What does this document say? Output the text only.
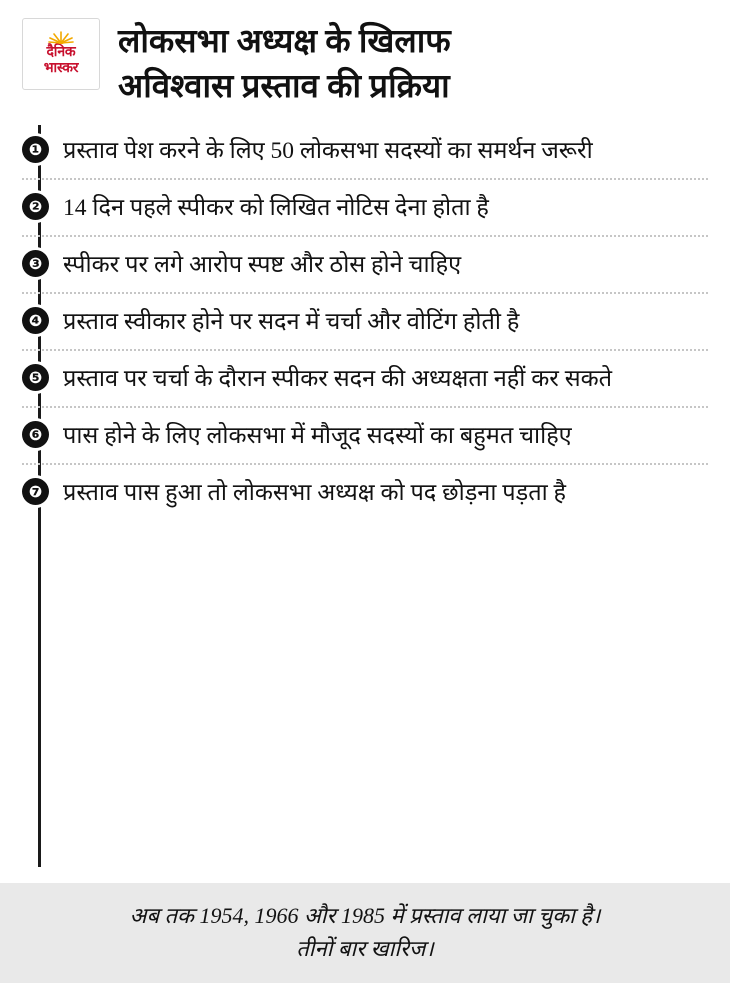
दैनिक
भास्कर
लोकसभा अध्यक्ष के खिलाफ
अविश्वास प्रस्ताव की प्रक्रिया
❶ प्रस्ताव पेश करने के लिए 50 लोकसभा सदस्यों का समर्थन जरूरी
❷ 14 दिन पहले स्पीकर को लिखित नोटिस देना होता है
❸ स्पीकर पर लगे आरोप स्पष्ट और ठोस होने चाहिए
❹ प्रस्ताव स्वीकार होने पर सदन में चर्चा और वोटिंग होती है
❺ प्रस्ताव पर चर्चा के दौरान स्पीकर सदन की अध्यक्षता नहीं कर सकते
❻ पास होने के लिए लोकसभा में मौजूद सदस्यों का बहुमत चाहिए
❼ प्रस्ताव पास हुआ तो लोकसभा अध्यक्ष को पद छोड़ना पड़ता है
अब तक 1954, 1966 और 1985 में प्रस्ताव लाया जा चुका है।
तीनों बार खारिज।
